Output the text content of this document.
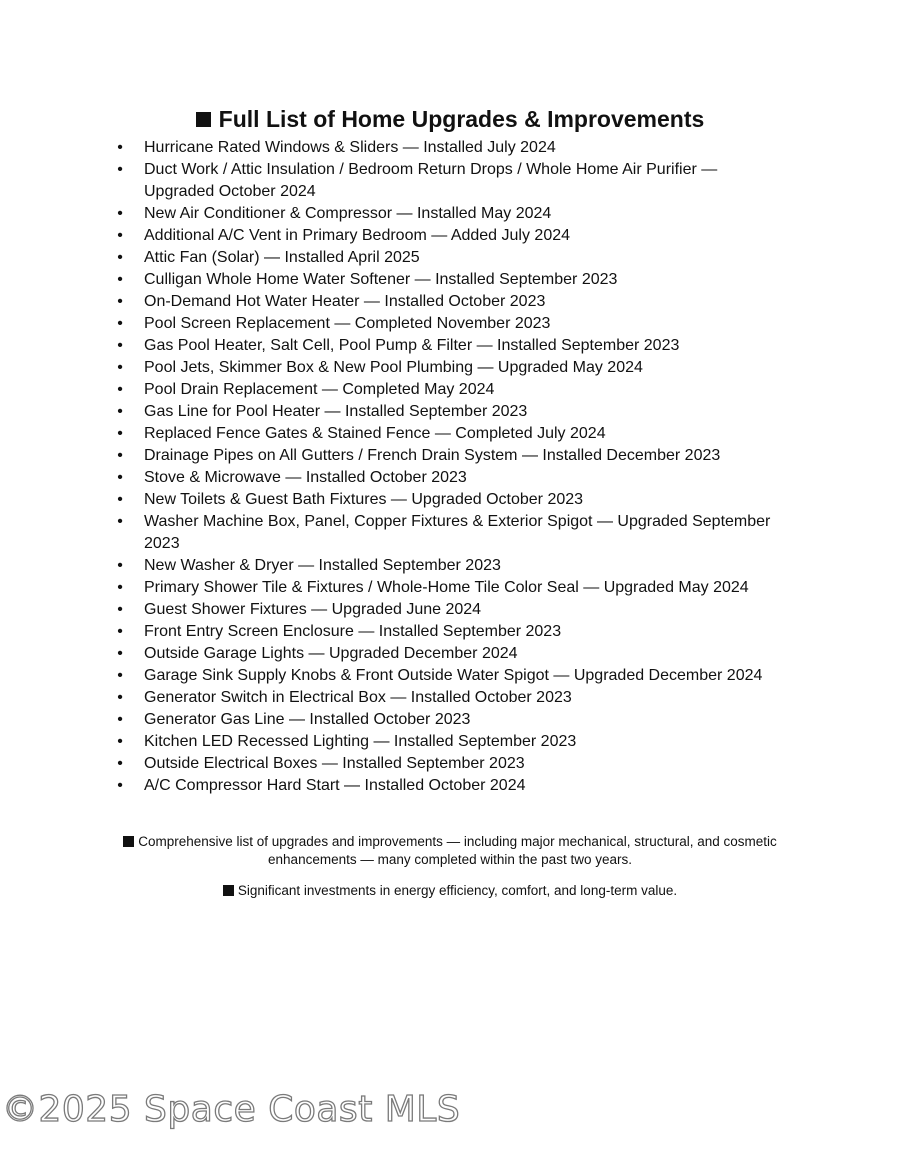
Full List of Home Upgrades & Improvements
• Hurricane Rated Windows & Sliders — Installed July 2024
• Duct Work / Attic Insulation / Bedroom Return Drops / Whole Home Air Purifier — Upgraded October 2024
• New Air Conditioner & Compressor — Installed May 2024
• Additional A/C Vent in Primary Bedroom — Added July 2024
• Attic Fan (Solar) — Installed April 2025
• Culligan Whole Home Water Softener — Installed September 2023
• On-Demand Hot Water Heater — Installed October 2023
• Pool Screen Replacement — Completed November 2023
• Gas Pool Heater, Salt Cell, Pool Pump & Filter — Installed September 2023
• Pool Jets, Skimmer Box & New Pool Plumbing — Upgraded May 2024
• Pool Drain Replacement — Completed May 2024
• Gas Line for Pool Heater — Installed September 2023
• Replaced Fence Gates & Stained Fence — Completed July 2024
• Drainage Pipes on All Gutters / French Drain System — Installed December 2023
• Stove & Microwave — Installed October 2023
• New Toilets & Guest Bath Fixtures — Upgraded October 2023
• Washer Machine Box, Panel, Copper Fixtures & Exterior Spigot — Upgraded September 2023
• New Washer & Dryer — Installed September 2023
• Primary Shower Tile & Fixtures / Whole-Home Tile Color Seal — Upgraded May 2024
• Guest Shower Fixtures — Upgraded June 2024
• Front Entry Screen Enclosure — Installed September 2023
• Outside Garage Lights — Upgraded December 2024
• Garage Sink Supply Knobs & Front Outside Water Spigot — Upgraded December 2024
• Generator Switch in Electrical Box — Installed October 2023
• Generator Gas Line — Installed October 2023
• Kitchen LED Recessed Lighting — Installed September 2023
• Outside Electrical Boxes — Installed September 2023
• A/C Compressor Hard Start — Installed October 2024

Comprehensive list of upgrades and improvements — including major mechanical, structural, and cosmetic enhancements — many completed within the past two years.

Significant investments in energy efficiency, comfort, and long-term value.

©2025 Space Coast MLS
